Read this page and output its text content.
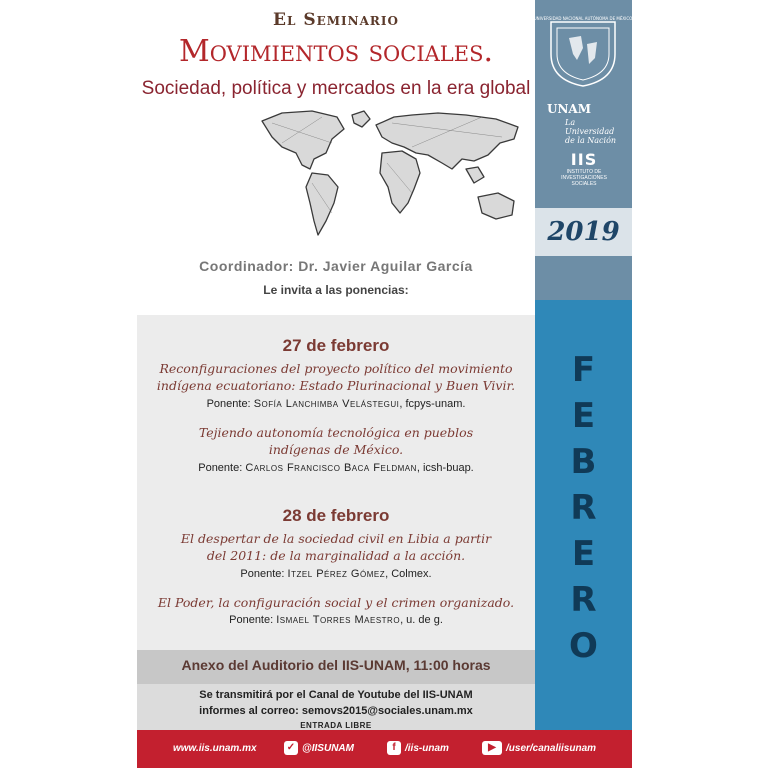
El Seminario
Movimientos sociales.
Sociedad, política y mercados en la era global
Coordinador: Dr. Javier Aguilar García
Le invita a las ponencias:
27 de febrero
Reconfiguraciones del proyecto político del movimiento
indígena ecuatoriano: Estado Plurinacional y Buen Vivir.
Ponente: Sofía Lanchimba Velástegui, fcpys-unam.
Tejiendo autonomía tecnológica en pueblos
indígenas de México.
Ponente: Carlos Francisco Baca Feldman, icsh-buap.
28 de febrero
El despertar de la sociedad civil en Libia a partir
del 2011: de la marginalidad a la acción.
Ponente: Itzel Pérez Gómez, Colmex.
El Poder, la configuración social y el crimen organizado.
Ponente: Ismael Torres Maestro, u. de g.
Anexo del Auditorio del IIS-UNAM, 11:00 horas
Se transmitirá por el Canal de Youtube del IIS-UNAM
informes al correo: semovs2015@sociales.unam.mx
ENTRADA LIBRE
UNIVERSIDAD NACIONAL AUTÓNOMA DE MÉXICO
UNAM
La Universidad de la Nación
IIS
INSTITUTO DE INVESTIGACIONES SOCIALES
2019
F
E
B
R
E
R
O
www.iis.unam.mx	✓ @IISUNAM	f /iis-unam	▶ /user/canaliisunam
